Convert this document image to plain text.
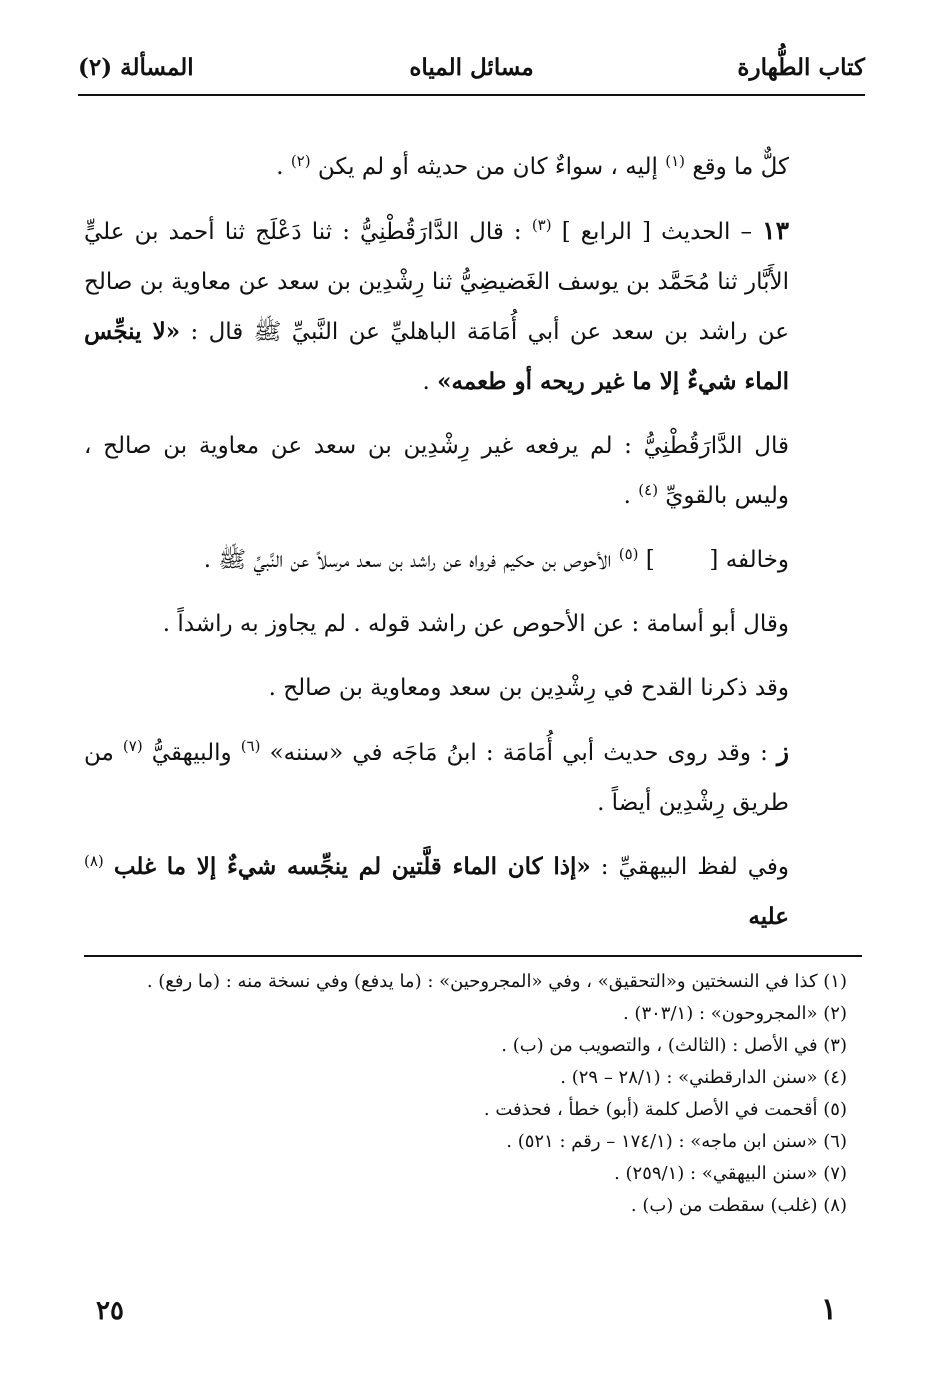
كتاب الطُّهارة
مسائل المياه
المسألة (٢)

كلٌّ ما وقع $^{(١)}$ إليه ، سواءٌ كان من حديثه أو لم يكن $^{(٢)}$ .

١٣ – الحديث [ الرابع ] $^{(٣)}$ : قال الدَّارَقُطْنِيُّ : ثنا دَعْلَج ثنا أحمد بن عليٍّ الأَبَّار ثنا مُحَمَّد بن يوسف الغَضيضِيُّ ثنا رِشْدِين بن سعد عن معاوية بن صالح عن راشد بن سعد عن أبي أُمَامَة الباهليِّ عن النَّبيِّ ﷺ قال : «لا ينجِّس الماء شيءٌ إلا ما غير ريحه أو طعمه» .

قال الدَّارَقُطْنِيُّ : لم يرفعه غير رِشْدِين بن سعد عن معاوية بن صالح ، وليس بالقويِّ $^{(٤)}$ .

وخالفه [  ] $^{(٥)}$ الأحوص بن حكيم فرواه عن راشد بن سعد مرسلاً عن النَّبيِّ ﷺ .

وقال أبو أسامة : عن الأحوص عن راشد قوله . لم يجاوز به راشداً .

وقد ذكرنا القدح في رِشْدِين بن سعد ومعاوية بن صالح .

ز : وقد روى حديث أبي أُمَامَة : ابنُ مَاجَه في «سننه» $^{(٦)}$ والبيهقيُّ $^{(٧)}$ من طريق رِشْدِين أيضاً .

وفي لفظ البيهقيِّ : «إذا كان الماء قلَّتين لم ينجِّسه شيءٌ إلا ما غلب $^{(٨)}$ عليه

(١) كذا في النسختين و«التحقيق» ، وفي «المجروحين» : (ما يدفع) وفي نسخة منه : (ما رفع) .

(٢) «المجروحون» : (٣٠٣/١) .

(٣) في الأصل : (الثالث) ، والتصويب من (ب) .

(٤) «سنن الدارقطني» : (٢٨/١ – ٢٩) .

(٥) أقحمت في الأصل كلمة (أبو) خطأ ، فحذفت .

(٦) «سنن ابن ماجه» : (١٧٤/١ – رقم : ٥٢١) .

(٧) «سنن البيهقي» : (٢٥٩/١) .

(٨) (غلب) سقطت من (ب) .

٢٥	١
